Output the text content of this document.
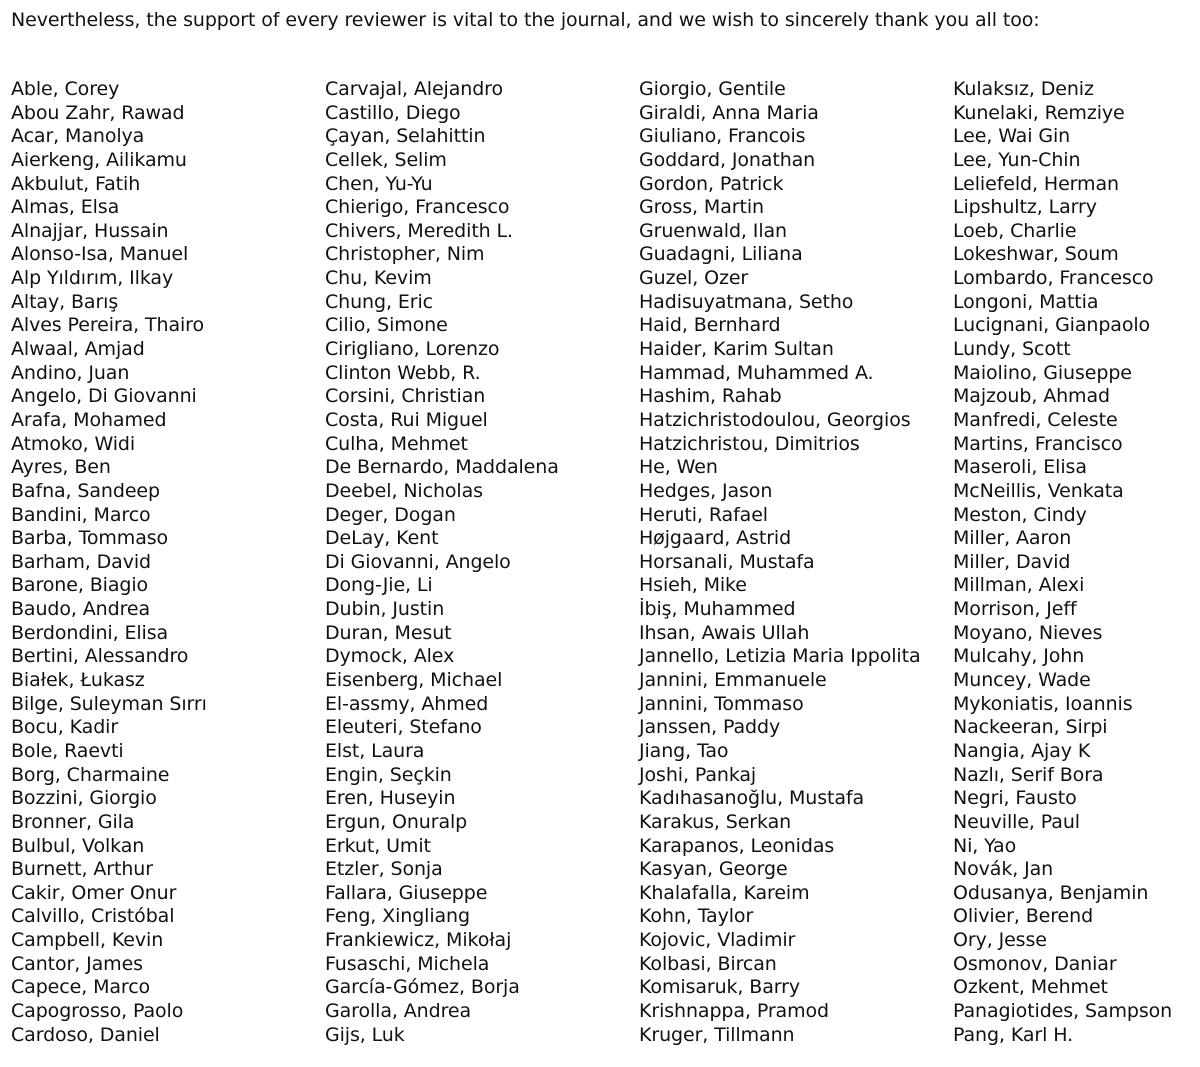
Nevertheless, the support of every reviewer is vital to the journal, and we wish to sincerely thank you all too:

Able, Corey
Abou Zahr, Rawad
Acar, Manolya
Aierkeng, Ailikamu
Akbulut, Fatih
Almas, Elsa
Alnajjar, Hussain
Alonso-Isa, Manuel
Alp Yıldırım, Ilkay
Altay, Barış
Alves Pereira, Thairo
Alwaal, Amjad
Andino, Juan
Angelo, Di Giovanni
Arafa, Mohamed
Atmoko, Widi
Ayres, Ben
Bafna, Sandeep
Bandini, Marco
Barba, Tommaso
Barham, David
Barone, Biagio
Baudo, Andrea
Berdondini, Elisa
Bertini, Alessandro
Białek, Łukasz
Bilge, Suleyman Sırrı
Bocu, Kadir
Bole, Raevti
Borg, Charmaine
Bozzini, Giorgio
Bronner, Gila
Bulbul, Volkan
Burnett, Arthur
Cakir, Omer Onur
Calvillo, Cristóbal
Campbell, Kevin
Cantor, James
Capece, Marco
Capogrosso, Paolo
Cardoso, Daniel
Carvajal, Alejandro
Castillo, Diego
Çayan, Selahittin
Cellek, Selim
Chen, Yu-Yu
Chierigo, Francesco
Chivers, Meredith L.
Christopher, Nim
Chu, Kevim
Chung, Eric
Cilio, Simone
Cirigliano, Lorenzo
Clinton Webb, R.
Corsini, Christian
Costa, Rui Miguel
Culha, Mehmet
De Bernardo, Maddalena
Deebel, Nicholas
Deger, Dogan
DeLay, Kent
Di Giovanni, Angelo
Dong-Jie, Li
Dubin, Justin
Duran, Mesut
Dymock, Alex
Eisenberg, Michael
El-assmy, Ahmed
Eleuteri, Stefano
Elst, Laura
Engin, Seçkin
Eren, Huseyin
Ergun, Onuralp
Erkut, Umit
Etzler, Sonja
Fallara, Giuseppe
Feng, Xingliang
Frankiewicz, Mikołaj
Fusaschi, Michela
García-Gómez, Borja
Garolla, Andrea
Gijs, Luk
Giorgio, Gentile
Giraldi, Anna Maria
Giuliano, Francois
Goddard, Jonathan
Gordon, Patrick
Gross, Martin
Gruenwald, Ilan
Guadagni, Liliana
Guzel, Ozer
Hadisuyatmana, Setho
Haid, Bernhard
Haider, Karim Sultan
Hammad, Muhammed A.
Hashim, Rahab
Hatzichristodoulou, Georgios
Hatzichristou, Dimitrios
He, Wen
Hedges, Jason
Heruti, Rafael
Højgaard, Astrid
Horsanali, Mustafa
Hsieh, Mike
İbiş, Muhammed
Ihsan, Awais Ullah
Jannello, Letizia Maria Ippolita
Jannini, Emmanuele
Jannini, Tommaso
Janssen, Paddy
Jiang, Tao
Joshi, Pankaj
Kadıhasanoğlu, Mustafa
Karakus, Serkan
Karapanos, Leonidas
Kasyan, George
Khalafalla, Kareim
Kohn, Taylor
Kojovic, Vladimir
Kolbasi, Bircan
Komisaruk, Barry
Krishnappa, Pramod
Kruger, Tillmann
Kulaksız, Deniz
Kunelaki, Remziye
Lee, Wai Gin
Lee, Yun-Chin
Leliefeld, Herman
Lipshultz, Larry
Loeb, Charlie
Lokeshwar, Soum
Lombardo, Francesco
Longoni, Mattia
Lucignani, Gianpaolo
Lundy, Scott
Maiolino, Giuseppe
Majzoub, Ahmad
Manfredi, Celeste
Martins, Francisco
Maseroli, Elisa
McNeillis, Venkata
Meston, Cindy
Miller, Aaron
Miller, David
Millman, Alexi
Morrison, Jeff
Moyano, Nieves
Mulcahy, John
Muncey, Wade
Mykoniatis, Ioannis
Nackeeran, Sirpi
Nangia, Ajay K
Nazlı, Serif Bora
Negri, Fausto
Neuville, Paul
Ni, Yao
Novák, Jan
Odusanya, Benjamin
Olivier, Berend
Ory, Jesse
Osmonov, Daniar
Ozkent, Mehmet
Panagiotides, Sampson
Pang, Karl H.
